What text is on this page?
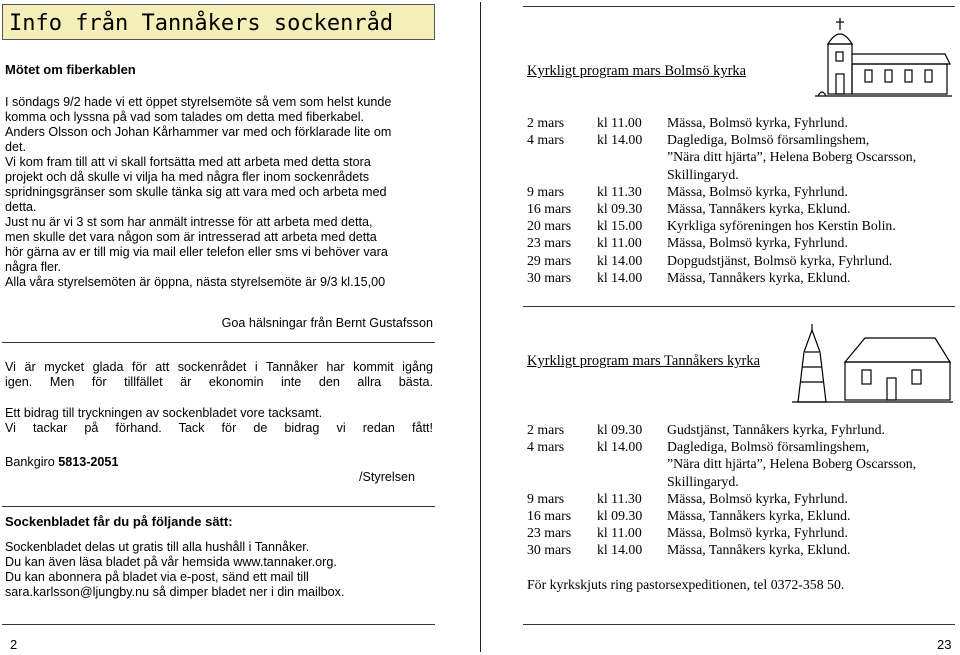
Info från Tannåkers sockenråd
Mötet om fiberkablen
I söndags 9/2 hade vi ett öppet styrelsemöte så vem som helst kunde
komma och lyssna på vad som talades om detta med fiberkabel.
Anders Olsson och Johan Kårhammer var med och förklarade lite om
det.
Vi kom fram till att vi skall fortsätta med att arbeta med detta stora
projekt och då skulle vi vilja ha med några fler inom sockenrådets
spridningsgränser som skulle tänka sig att vara med och arbeta med
detta.
Just nu är vi 3 st som har anmält intresse för att arbeta med detta,
men skulle det vara någon som är intresserad att arbeta med detta
hör gärna av er till mig via mail eller telefon eller sms vi behöver vara
några fler.
Alla våra styrelsemöten är öppna, nästa styrelsemöte är 9/3 kl.15,00
Goa hälsningar från Bernt Gustafsson
Vi är mycket glada för att sockenrådet i Tannåker har kommit igång
igen. Men för tillfället är ekonomin inte den allra bästa.
Ett bidrag till tryckningen av sockenbladet vore tacksamt.
Vi tackar på förhand. Tack för de bidrag vi redan fått!
Bankgiro 5813-2051
/Styrelsen
Sockenbladet får du på följande sätt:
Sockenbladet delas ut gratis till alla hushåll i Tannåker.
Du kan även läsa bladet på vår hemsida www.tannaker.org.
Du kan abonnera på bladet via e-post, sänd ett mail till
sara.karlsson@ljungby.nu så dimper bladet ner i din mailbox.
2	23
Kyrkligt program mars Bolmsö kyrka
2 mars	kl 11.00	Mässa, Bolmsö kyrka, Fyhrlund.
4 mars	kl 14.00	Dagledigа, Bolmsö församlingshem,
”Nära ditt hjärta”, Helena Boberg Oscarsson,
Skillingaryd.
9 mars	kl 11.30	Mässa, Bolmsö kyrka, Fyhrlund.
16 mars	kl 09.30	Mässa, Tannåkers kyrka, Eklund.
20 mars	kl 15.00	Kyrkliga syföreningen hos Kerstin Bolin.
23 mars	kl 11.00	Mässa, Bolmsö kyrka, Fyhrlund.
29 mars	kl 14.00	Dopgudstjänst, Bolmsö kyrka, Fyhrlund.
30 mars	kl 14.00	Mässa, Tannåkers kyrka, Eklund.
Kyrkligt program mars Tannåkers kyrka
2 mars	kl 09.30	Gudstjänst, Tannåkers kyrka, Fyhrlund.
4 mars	kl 14.00	Dagledigа, Bolmsö församlingshem,
”Nära ditt hjärta”, Helena Boberg Oscarsson,
Skillingaryd.
9 mars	kl 11.30	Mässa, Bolmsö kyrka, Fyhrlund.
16 mars	kl 09.30	Mässa, Tannåkers kyrka, Eklund.
23 mars	kl 11.00	Mässa, Bolmsö kyrka, Fyhrlund.
30 mars	kl 14.00	Mässa, Tannåkers kyrka, Eklund.
För kyrkskjuts ring pastorsexpeditionen, tel 0372-358 50.
